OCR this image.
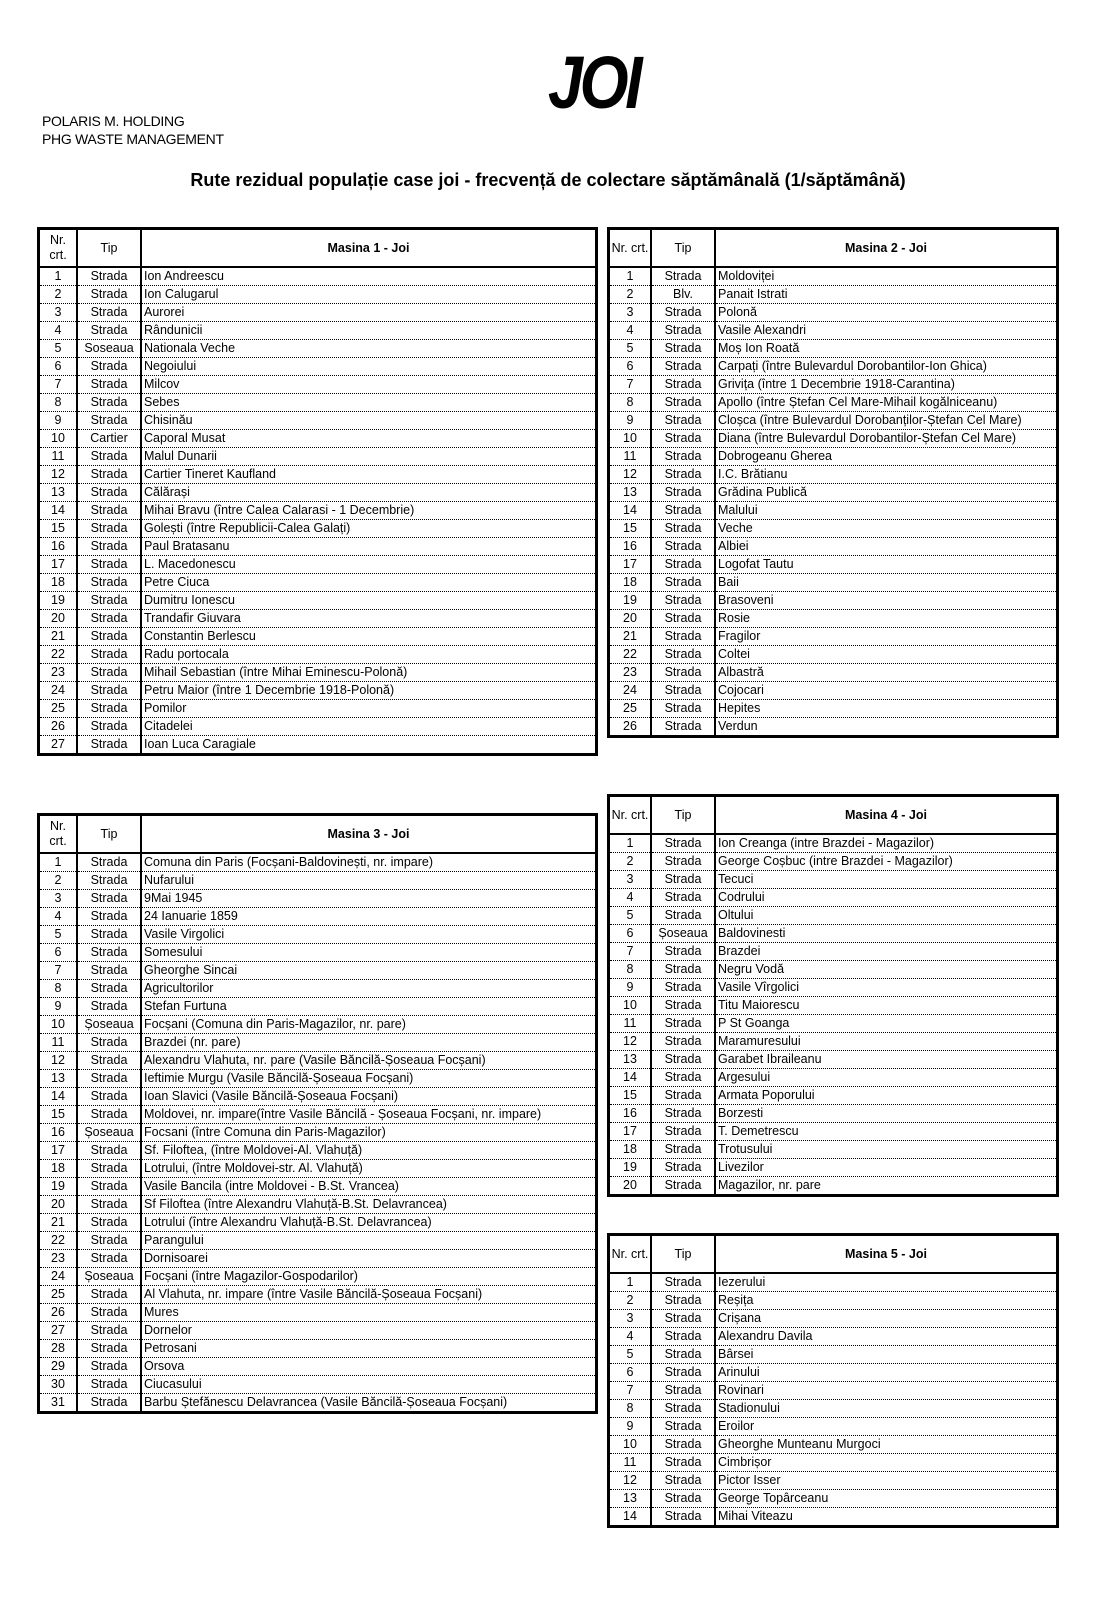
JOI
POLARIS M. HOLDING
PHG WASTE MANAGEMENT
Rute rezidual populație case joi - frecvență de colectare săptămânală (1/săptămână)
Nr. crt.	Tip	Masina 1 - Joi
1	Strada	Ion Andreescu
2	Strada	Ion Calugarul
3	Strada	Aurorei
4	Strada	Rândunicii
5	Soseaua	Nationala Veche
6	Strada	Negoiului
7	Strada	Milcov
8	Strada	Sebes
9	Strada	Chisinău
10	Cartier	Caporal Musat
11	Strada	Malul Dunarii
12	Strada	Cartier Tineret Kaufland
13	Strada	Călărași
14	Strada	Mihai Bravu (între Calea Calarasi - 1 Decembrie)
15	Strada	Golești (între Republicii-Calea Galați)
16	Strada	Paul Bratasanu
17	Strada	L. Macedonescu
18	Strada	Petre Ciuca
19	Strada	Dumitru Ionescu
20	Strada	Trandafir Giuvara
21	Strada	Constantin Berlescu
22	Strada	Radu portocala
23	Strada	Mihail Sebastian (între Mihai Eminescu-Polonă)
24	Strada	Petru Maior (între 1 Decembrie 1918-Polonă)
25	Strada	Pomilor
26	Strada	Citadelei
27	Strada	Ioan Luca Caragiale
Nr. crt.	Tip	Masina 2 - Joi
1	Strada	Moldoviței
2	Blv.	Panait Istrati
3	Strada	Polonă
4	Strada	Vasile Alexandri
5	Strada	Moș Ion Roată
6	Strada	Carpați (între Bulevardul Dorobantilor-Ion Ghica)
7	Strada	Grivița (între 1 Decembrie 1918-Carantina)
8	Strada	Apollo (între Ștefan Cel Mare-Mihail kogălniceanu)
9	Strada	Cloșca (între Bulevardul Dorobanților-Ștefan Cel Mare)
10	Strada	Diana (între Bulevardul Dorobantilor-Ștefan Cel Mare)
11	Strada	Dobrogeanu Gherea
12	Strada	I.C. Brătianu
13	Strada	Grădina Publică
14	Strada	Malului
15	Strada	Veche
16	Strada	Albiei
17	Strada	Logofat Tautu
18	Strada	Baii
19	Strada	Brasoveni
20	Strada	Rosie
21	Strada	Fragilor
22	Strada	Coltei
23	Strada	Albastră
24	Strada	Cojocari
25	Strada	Hepites
26	Strada	Verdun
Nr. crt.	Tip	Masina 3 - Joi
1	Strada	Comuna din Paris (Focșani-Baldovinești, nr. impare)
2	Strada	Nufarului
3	Strada	9Mai 1945
4	Strada	24 Ianuarie 1859
5	Strada	Vasile Virgolici
6	Strada	Somesului
7	Strada	Gheorghe Sincai
8	Strada	Agricultorilor
9	Strada	Stefan Furtuna
10	Șoseaua	Focșani (Comuna din Paris-Magazilor, nr. pare)
11	Strada	Brazdei (nr. pare)
12	Strada	Alexandru Vlahuta, nr. pare (Vasile Băncilă-Șoseaua Focșani)
13	Strada	Ieftimie Murgu (Vasile Băncilă-Șoseaua Focșani)
14	Strada	Ioan Slavici (Vasile Băncilă-Șoseaua Focșani)
15	Strada	Moldovei, nr. impare(între Vasile Băncilă - Șoseaua Focșani, nr. impare)
16	Șoseaua	Focsani (între Comuna din Paris-Magazilor)
17	Strada	Sf. Filoftea, (între Moldovei-Al. Vlahuță)
18	Strada	Lotrului, (între Moldovei-str. Al. Vlahuță)
19	Strada	Vasile Bancila (intre Moldovei - B.St. Vrancea)
20	Strada	Sf Filoftea (între Alexandru Vlahuță-B.St. Delavrancea)
21	Strada	Lotrului (între Alexandru Vlahuță-B.St. Delavrancea)
22	Strada	Parangului
23	Strada	Dornisoarei
24	Șoseaua	Focșani (între Magazilor-Gospodarilor)
25	Strada	Al Vlahuta, nr. impare (între Vasile Băncilă-Șoseaua Focșani)
26	Strada	Mures
27	Strada	Dornelor
28	Strada	Petrosani
29	Strada	Orsova
30	Strada	Ciucasului
31	Strada	Barbu Ștefănescu Delavrancea (Vasile Băncilă-Șoseaua Focșani)
Nr. crt.	Tip	Masina 4 - Joi
1	Strada	Ion Creanga (intre Brazdei - Magazilor)
2	Strada	George Coșbuc (intre Brazdei - Magazilor)
3	Strada	Tecuci
4	Strada	Codrului
5	Strada	Oltului
6	Șoseaua	Baldovinesti
7	Strada	Brazdei
8	Strada	Negru Vodă
9	Strada	Vasile Vîrgolici
10	Strada	Titu Maiorescu
11	Strada	P St Goanga
12	Strada	Maramuresului
13	Strada	Garabet Ibraileanu
14	Strada	Argesului
15	Strada	Armata Poporului
16	Strada	Borzesti
17	Strada	T. Demetrescu
18	Strada	Trotusului
19	Strada	Livezilor
20	Strada	Magazilor, nr. pare
Nr. crt.	Tip	Masina 5 - Joi
1	Strada	Iezerului
2	Strada	Reșița
3	Strada	Crișana
4	Strada	Alexandru Davila
5	Strada	Bârsei
6	Strada	Arinului
7	Strada	Rovinari
8	Strada	Stadionului
9	Strada	Eroilor
10	Strada	Gheorghe Munteanu Murgoci
11	Strada	Cimbrișor
12	Strada	Pictor Isser
13	Strada	George Topârceanu
14	Strada	Mihai Viteazu
